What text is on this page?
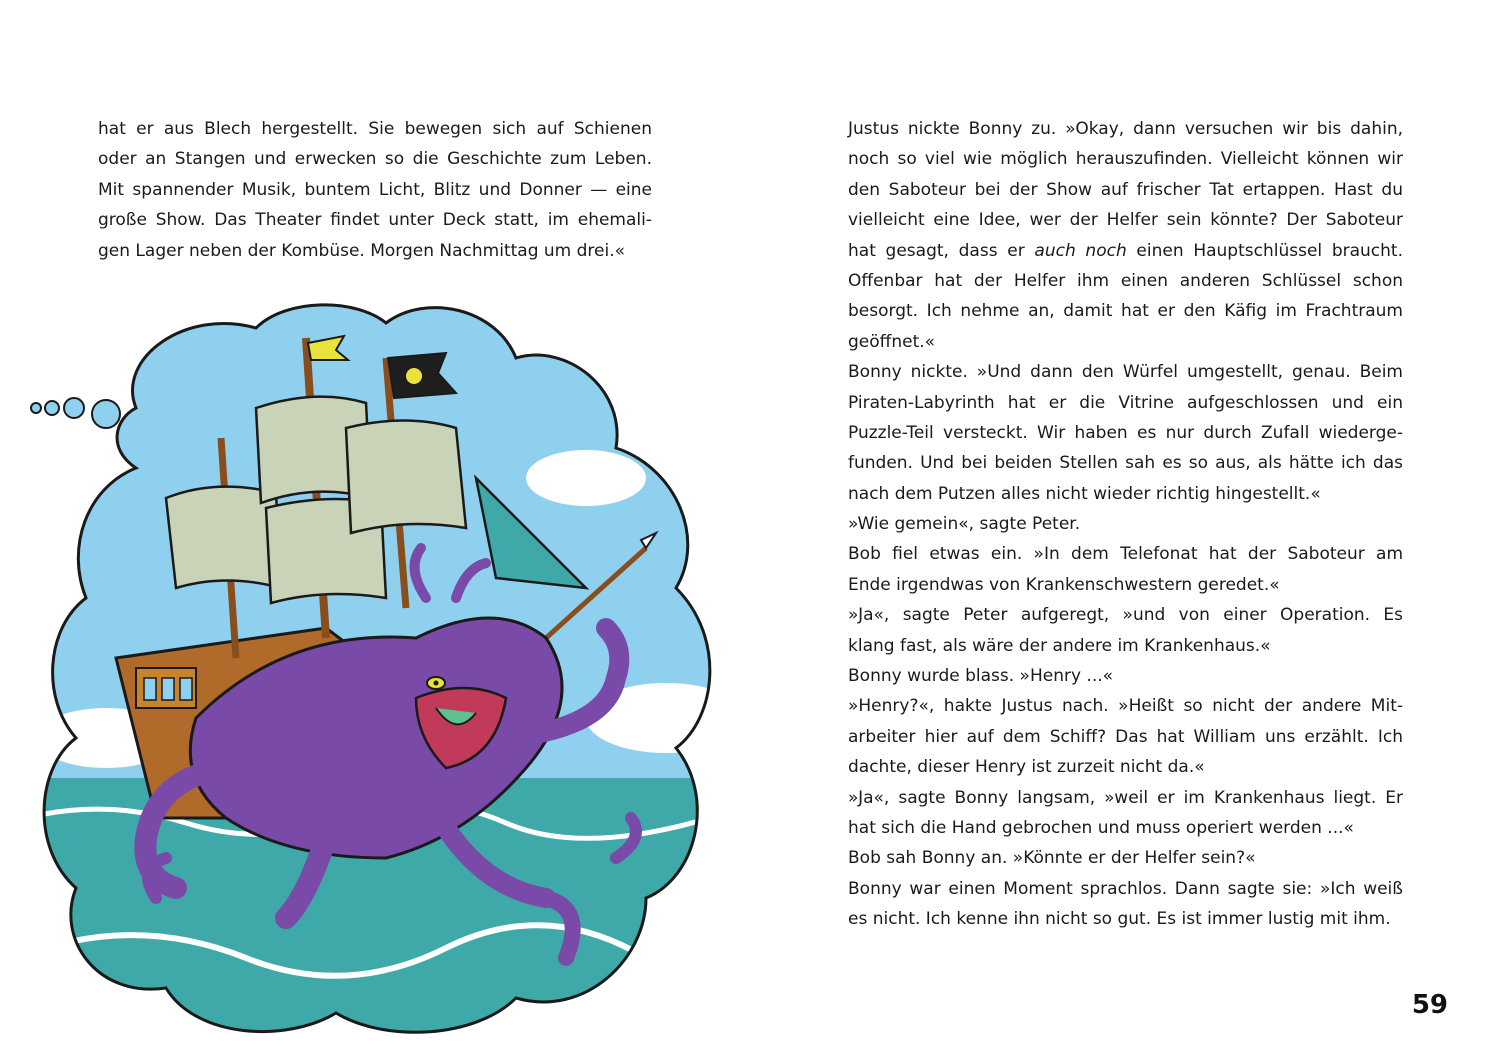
hat er aus Blech hergestellt. Sie bewegen sich auf Schienen
oder an Stangen und erwecken so die Geschichte zum Leben.
Mit spannender Musik, buntem Licht, Blitz und Donner — eine
große Show. Das Theater findet unter Deck statt, im ehemali-
gen Lager neben der Kombüse. Morgen Nachmittag um drei.«
Justus nickte Bonny zu. »Okay, dann versuchen wir bis dahin,
noch so viel wie möglich herauszufinden. Vielleicht können wir
den Saboteur bei der Show auf frischer Tat ertappen. Hast du
vielleicht eine Idee, wer der Helfer sein könnte? Der Saboteur
hat gesagt, dass er auch noch einen Hauptschlüssel braucht.
Offenbar hat der Helfer ihm einen anderen Schlüssel schon
besorgt. Ich nehme an, damit hat er den Käfig im Frachtraum
geöffnet.«
Bonny nickte. »Und dann den Würfel umgestellt, genau. Beim
Piraten-Labyrinth hat er die Vitrine aufgeschlossen und ein
Puzzle-Teil versteckt. Wir haben es nur durch Zufall wiederge-
funden. Und bei beiden Stellen sah es so aus, als hätte ich das
nach dem Putzen alles nicht wieder richtig hingestellt.«
»Wie gemein«, sagte Peter.
Bob fiel etwas ein. »In dem Telefonat hat der Saboteur am
Ende irgendwas von Krankenschwestern geredet.«
»Ja«, sagte Peter aufgeregt, »und von einer Operation. Es
klang fast, als wäre der andere im Krankenhaus.«
Bonny wurde blass. »Henry ...«
»Henry?«, hakte Justus nach. »Heißt so nicht der andere Mit-
arbeiter hier auf dem Schiff? Das hat William uns erzählt. Ich
dachte, dieser Henry ist zurzeit nicht da.«
»Ja«, sagte Bonny langsam, »weil er im Krankenhaus liegt. Er
hat sich die Hand gebrochen und muss operiert werden ...«
Bob sah Bonny an. »Könnte er der Helfer sein?«
Bonny war einen Moment sprachlos. Dann sagte sie: »Ich weiß
es nicht. Ich kenne ihn nicht so gut. Es ist immer lustig mit ihm.
59
